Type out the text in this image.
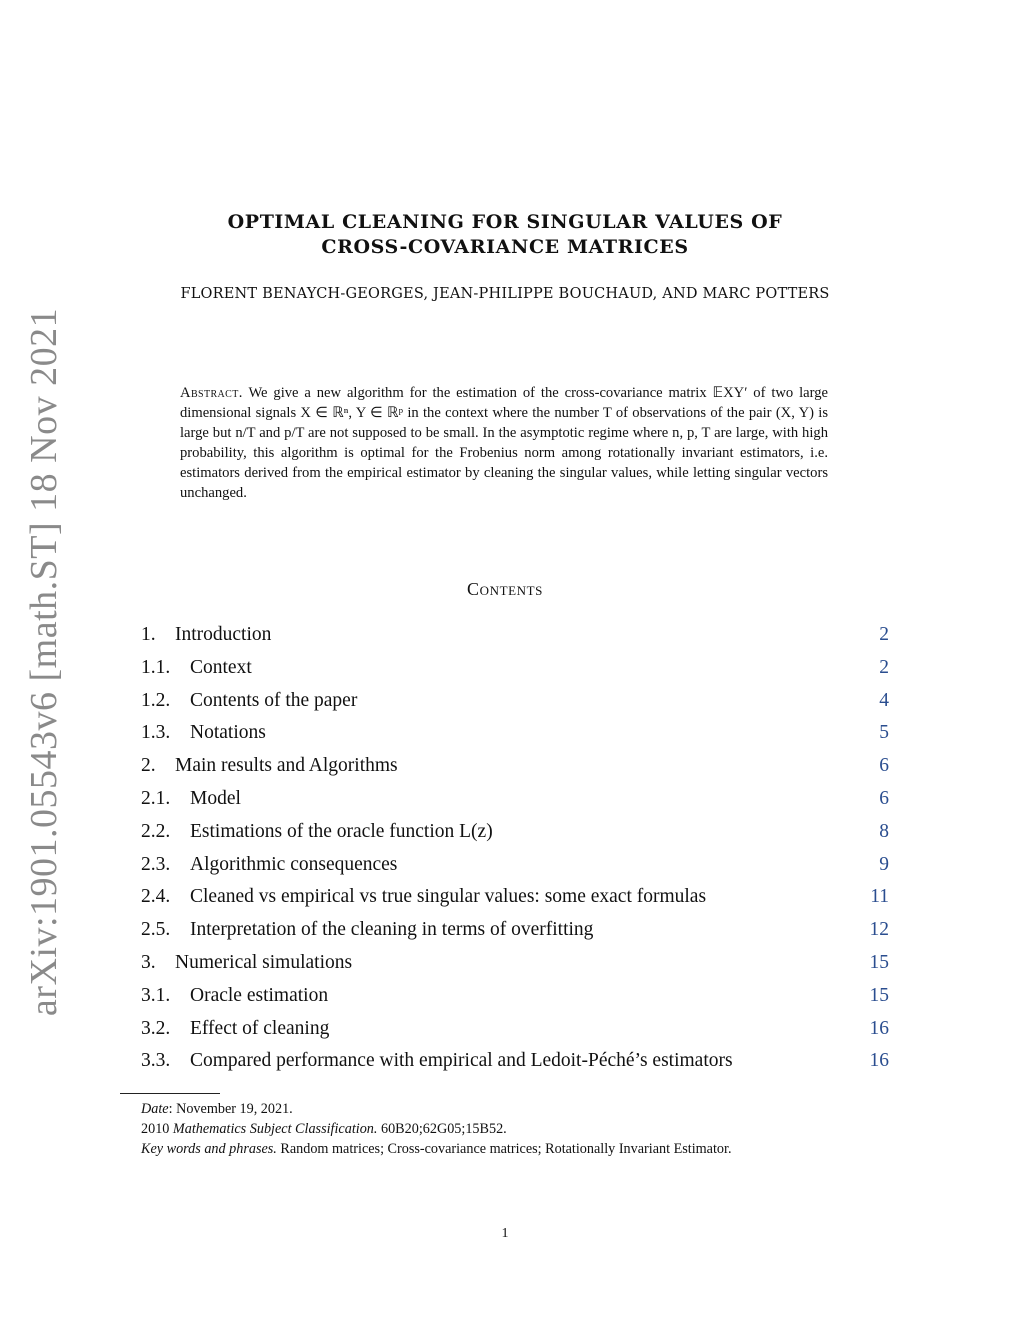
arXiv:1901.05543v6 [math.ST] 18 Nov 2021
OPTIMAL CLEANING FOR SINGULAR VALUES OF
CROSS-COVARIANCE MATRICES
FLORENT BENAYCH-GEORGES, JEAN-PHILIPPE BOUCHAUD, AND MARC POTTERS
Abstract. We give a new algorithm for the estimation of the cross-covariance matrix 𝔼XY′ of two large dimensional signals X ∈ ℝⁿ, Y ∈ ℝᵖ in the context where the number T of observations of the pair (X, Y) is large but n/T and p/T are not supposed to be small. In the asymptotic regime where n, p, T are large, with high probability, this algorithm is optimal for the Frobenius norm among rotationally invariant estimators, i.e. estimators derived from the empirical estimator by cleaning the singular values, while letting singular vectors unchanged.
Contents
1. Introduction	2
1.1.	Context	2
1.2.	Contents of the paper	4
1.3.	Notations	5
2. Main results and Algorithms	6
2.1.	Model	6
2.2.	Estimations of the oracle function L(z)	8
2.3.	Algorithmic consequences	9
2.4.	Cleaned vs empirical vs true singular values: some exact formulas	11
2.5.	Interpretation of the cleaning in terms of overfitting	12
3. Numerical simulations	15
3.1.	Oracle estimation	15
3.2.	Effect of cleaning	16
3.3.	Compared performance with empirical and Ledoit-Péché’s estimators	16
Date: November 19, 2021.
2010 Mathematics Subject Classification. 60B20;62G05;15B52.
Key words and phrases. Random matrices; Cross-covariance matrices; Rotationally Invariant Estimator.
1
